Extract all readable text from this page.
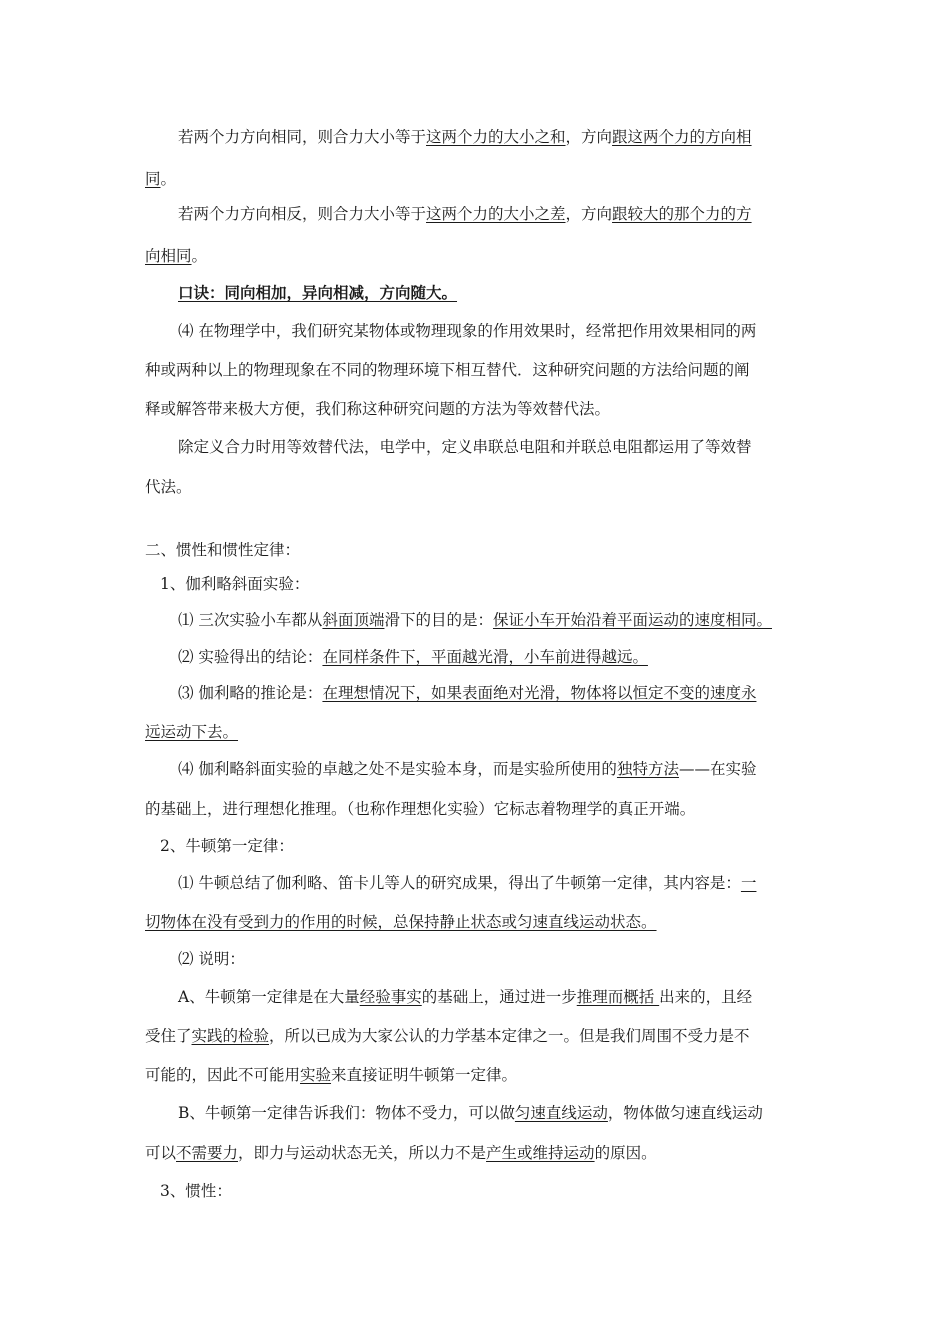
若两个力方向相同，则合力大小等于这两个力的大小之和，方向跟这两个力的方向相
同。
若两个力方向相反，则合力大小等于这两个力的大小之差，方向跟较大的那个力的方
向相同。
口诀：同向相加，异向相减，方向随大。
⑷ 在物理学中，我们研究某物体或物理现象的作用效果时，经常把作用效果相同的两
种或两种以上的物理现象在不同的物理环境下相互替代．这种研究问题的方法给问题的阐
释或解答带来极大方便，我们称这种研究问题的方法为等效替代法。
除定义合力时用等效替代法，电学中，定义串联总电阻和并联总电阻都运用了等效替
代法。
二、惯性和惯性定律：
1、伽利略斜面实验：
⑴ 三次实验小车都从斜面顶端滑下的目的是：保证小车开始沿着平面运动的速度相同。
⑵ 实验得出的结论：在同样条件下，平面越光滑，小车前进得越远。
⑶ 伽利略的推论是：在理想情况下，如果表面绝对光滑，物体将以恒定不变的速度永
远运动下去。
⑷ 伽利略斜面实验的卓越之处不是实验本身，而是实验所使用的独特方法——在实验
的基础上，进行理想化推理。（也称作理想化实验）它标志着物理学的真正开端。
2、牛顿第一定律：
⑴ 牛顿总结了伽利略、笛卡儿等人的研究成果，得出了牛顿第一定律，其内容是：一
切物体在没有受到力的作用的时候，总保持静止状态或匀速直线运动状态。
⑵ 说明：
A、牛顿第一定律是在大量经验事实的基础上，通过进一步推理而概括 出来的，且经
受住了实践的检验，所以已成为大家公认的力学基本定律之一。但是我们周围不受力是不
可能的，因此不可能用实验来直接证明牛顿第一定律。
B、牛顿第一定律告诉我们：物体不受力，可以做匀速直线运动，物体做匀速直线运动
可以不需要力，即力与运动状态无关，所以力不是产生或维持运动的原因。
3、惯性：
